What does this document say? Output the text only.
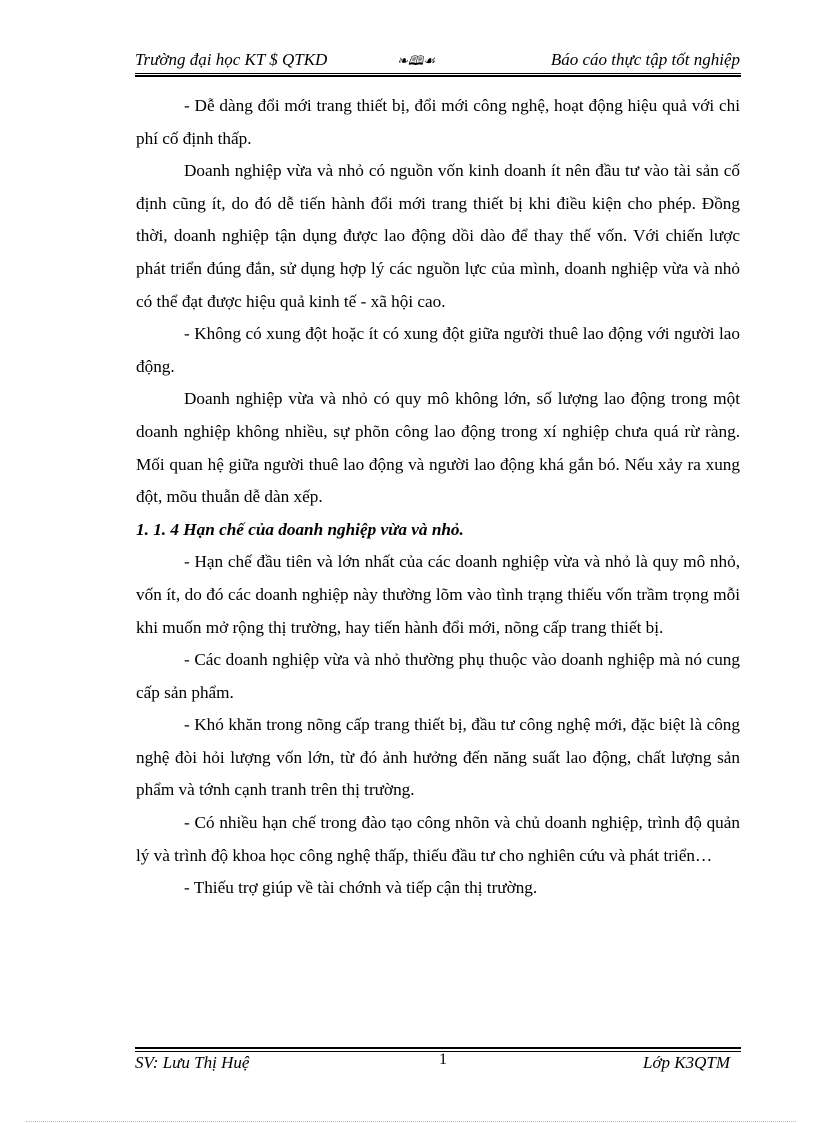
Trường đại học KT $ QTKD	❧🕮☙	Báo cáo thực tập tốt nghiệp

- Dễ dàng đổi mới trang thiết bị, đổi mới công nghệ, hoạt động hiệu quả với chi phí cố định thấp.

Doanh nghiệp vừa và nhỏ có nguồn vốn kinh doanh ít nên đầu tư vào tài sản cố định cũng ít, do đó dễ tiến hành đổi mới trang thiết bị khi điều kiện cho phép. Đồng thời, doanh nghiệp tận dụng được lao động dồi dào để thay thế vốn. Với chiến lược phát triển đúng đắn, sử dụng hợp lý các nguồn lực của mình, doanh nghiệp vừa và nhỏ có thể đạt được hiệu quả kinh tế - xã hội cao.

- Không có xung đột hoặc ít có xung đột giữa người thuê lao động với người lao động.

Doanh nghiệp vừa và nhỏ có quy mô không lớn, số lượng lao động trong một doanh nghiệp không nhiều, sự phõn công lao động trong xí nghiệp chưa quá rừ ràng. Mối quan hệ giữa người thuê lao động và người lao động khá gắn bó. Nếu xảy ra xung đột, mõu thuẫn dễ dàn xếp.

1. 1. 4 Hạn chế của doanh nghiệp vừa và nhỏ.

- Hạn chế đầu tiên và lớn nhất của các doanh nghiệp vừa và nhỏ là quy mô nhỏ, vốn ít, do đó các doanh nghiệp này thường lõm vào tình trạng thiếu vốn trầm trọng mỗi khi muốn mở rộng thị trường, hay tiến hành đổi mới, nõng cấp trang thiết bị.

- Các doanh nghiệp vừa và nhỏ thường phụ thuộc vào doanh nghiệp mà nó cung cấp sản phẩm.

- Khó khăn trong nõng cấp trang thiết bị, đầu tư công nghệ mới, đặc biệt là công nghệ đòi hỏi lượng vốn lớn, từ đó ảnh hưởng đến năng suất lao động, chất lượng sản phẩm và tớnh cạnh tranh trên thị trường.

- Có nhiều hạn chế trong đào tạo công nhõn và chủ doanh nghiệp, trình độ quản lý và trình độ khoa học công nghệ thấp, thiếu đầu tư cho nghiên cứu và phát triển…

- Thiếu trợ giúp về tài chớnh và tiếp cận thị trường.

SV: Lưu Thị Huệ	1	Lớp K3QTM
